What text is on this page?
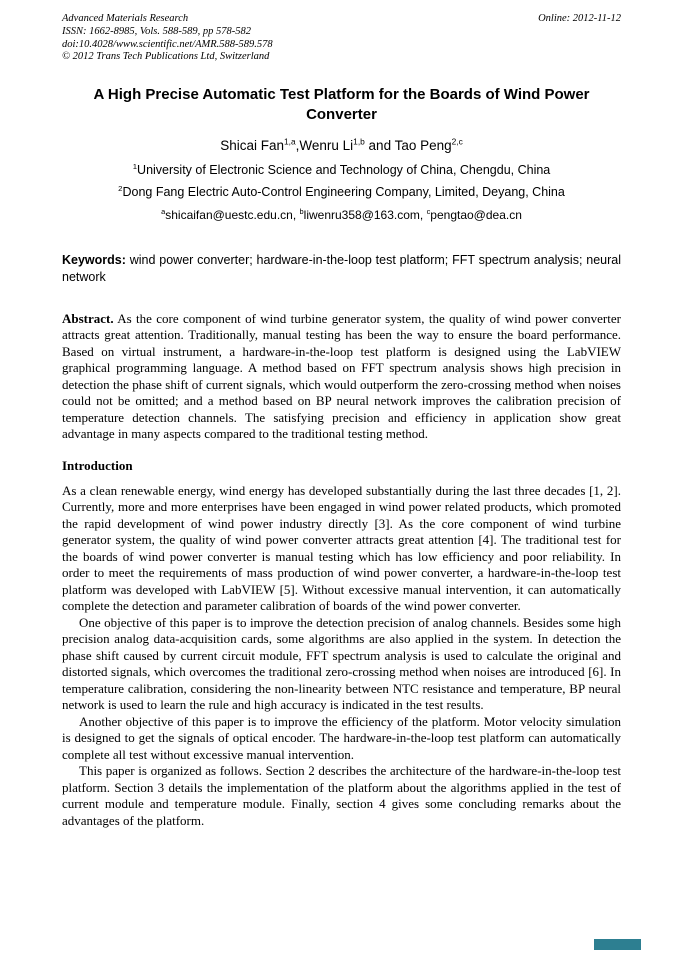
Advanced Materials Research
ISSN: 1662-8985, Vols. 588-589, pp 578-582
doi:10.4028/www.scientific.net/AMR.588-589.578
© 2012 Trans Tech Publications Ltd, Switzerland
Online: 2012-11-12
A High Precise Automatic Test Platform for the Boards of Wind Power Converter
Shicai Fan$^{1,a}$,Wenru Li$^{1,b}$ and Tao Peng$^{2,c}$
$^1$University of Electronic Science and Technology of China, Chengdu, China
$^2$Dong Fang Electric Auto-Control Engineering Company, Limited, Deyang, China
$^a$shicaifan@uestc.edu.cn, $^b$liwenru358@163.com, $^c$pengtao@dea.cn
Keywords: wind power converter; hardware-in-the-loop test platform; FFT spectrum analysis; neural network
Abstract. As the core component of wind turbine generator system, the quality of wind power converter attracts great attention. Traditionally, manual testing has been the way to ensure the board performance. Based on virtual instrument, a hardware-in-the-loop test platform is designed using the LabVIEW graphical programming language. A method based on FFT spectrum analysis shows high precision in detection the phase shift of current signals, which would outperform the zero-crossing method when noises could not be omitted; and a method based on BP neural network improves the calibration precision of temperature detection channels. The satisfying precision and efficiency in application show great advantage in many aspects compared to the traditional testing method.
Introduction

As a clean renewable energy, wind energy has developed substantially during the last three decades [1, 2]. Currently, more and more enterprises have been engaged in wind power related products, which promoted the rapid development of wind power industry directly [3]. As the core component of wind turbine generator system, the quality of wind power converter attracts great attention [4]. The traditional test for the boards of wind power converter is manual testing which has low efficiency and poor reliability. In order to meet the requirements of mass production of wind power converter, a hardware-in-the-loop test platform was developed with LabVIEW [5]. Without excessive manual intervention, it can automatically complete the detection and parameter calibration of boards of the wind power converter.

One objective of this paper is to improve the detection precision of analog channels. Besides some high precision analog data-acquisition cards, some algorithms are also applied in the system. In detection the phase shift caused by current circuit module, FFT spectrum analysis is used to calculate the original and distorted signals, which overcomes the traditional zero-crossing method when noises are introduced [6]. In temperature calibration, considering the non-linearity between NTC resistance and temperature, BP neural network is used to learn the rule and high accuracy is indicated in the test results.

Another objective of this paper is to improve the efficiency of the platform. Motor velocity simulation is designed to get the signals of optical encoder. The hardware-in-the-loop test platform can automatically complete all test without excessive manual intervention.

This paper is organized as follows. Section 2 describes the architecture of the hardware-in-the-loop test platform. Section 3 details the implementation of the platform about the algorithms applied in the test of current module and temperature module. Finally, section 4 gives some concluding remarks about the advantages of the platform.
